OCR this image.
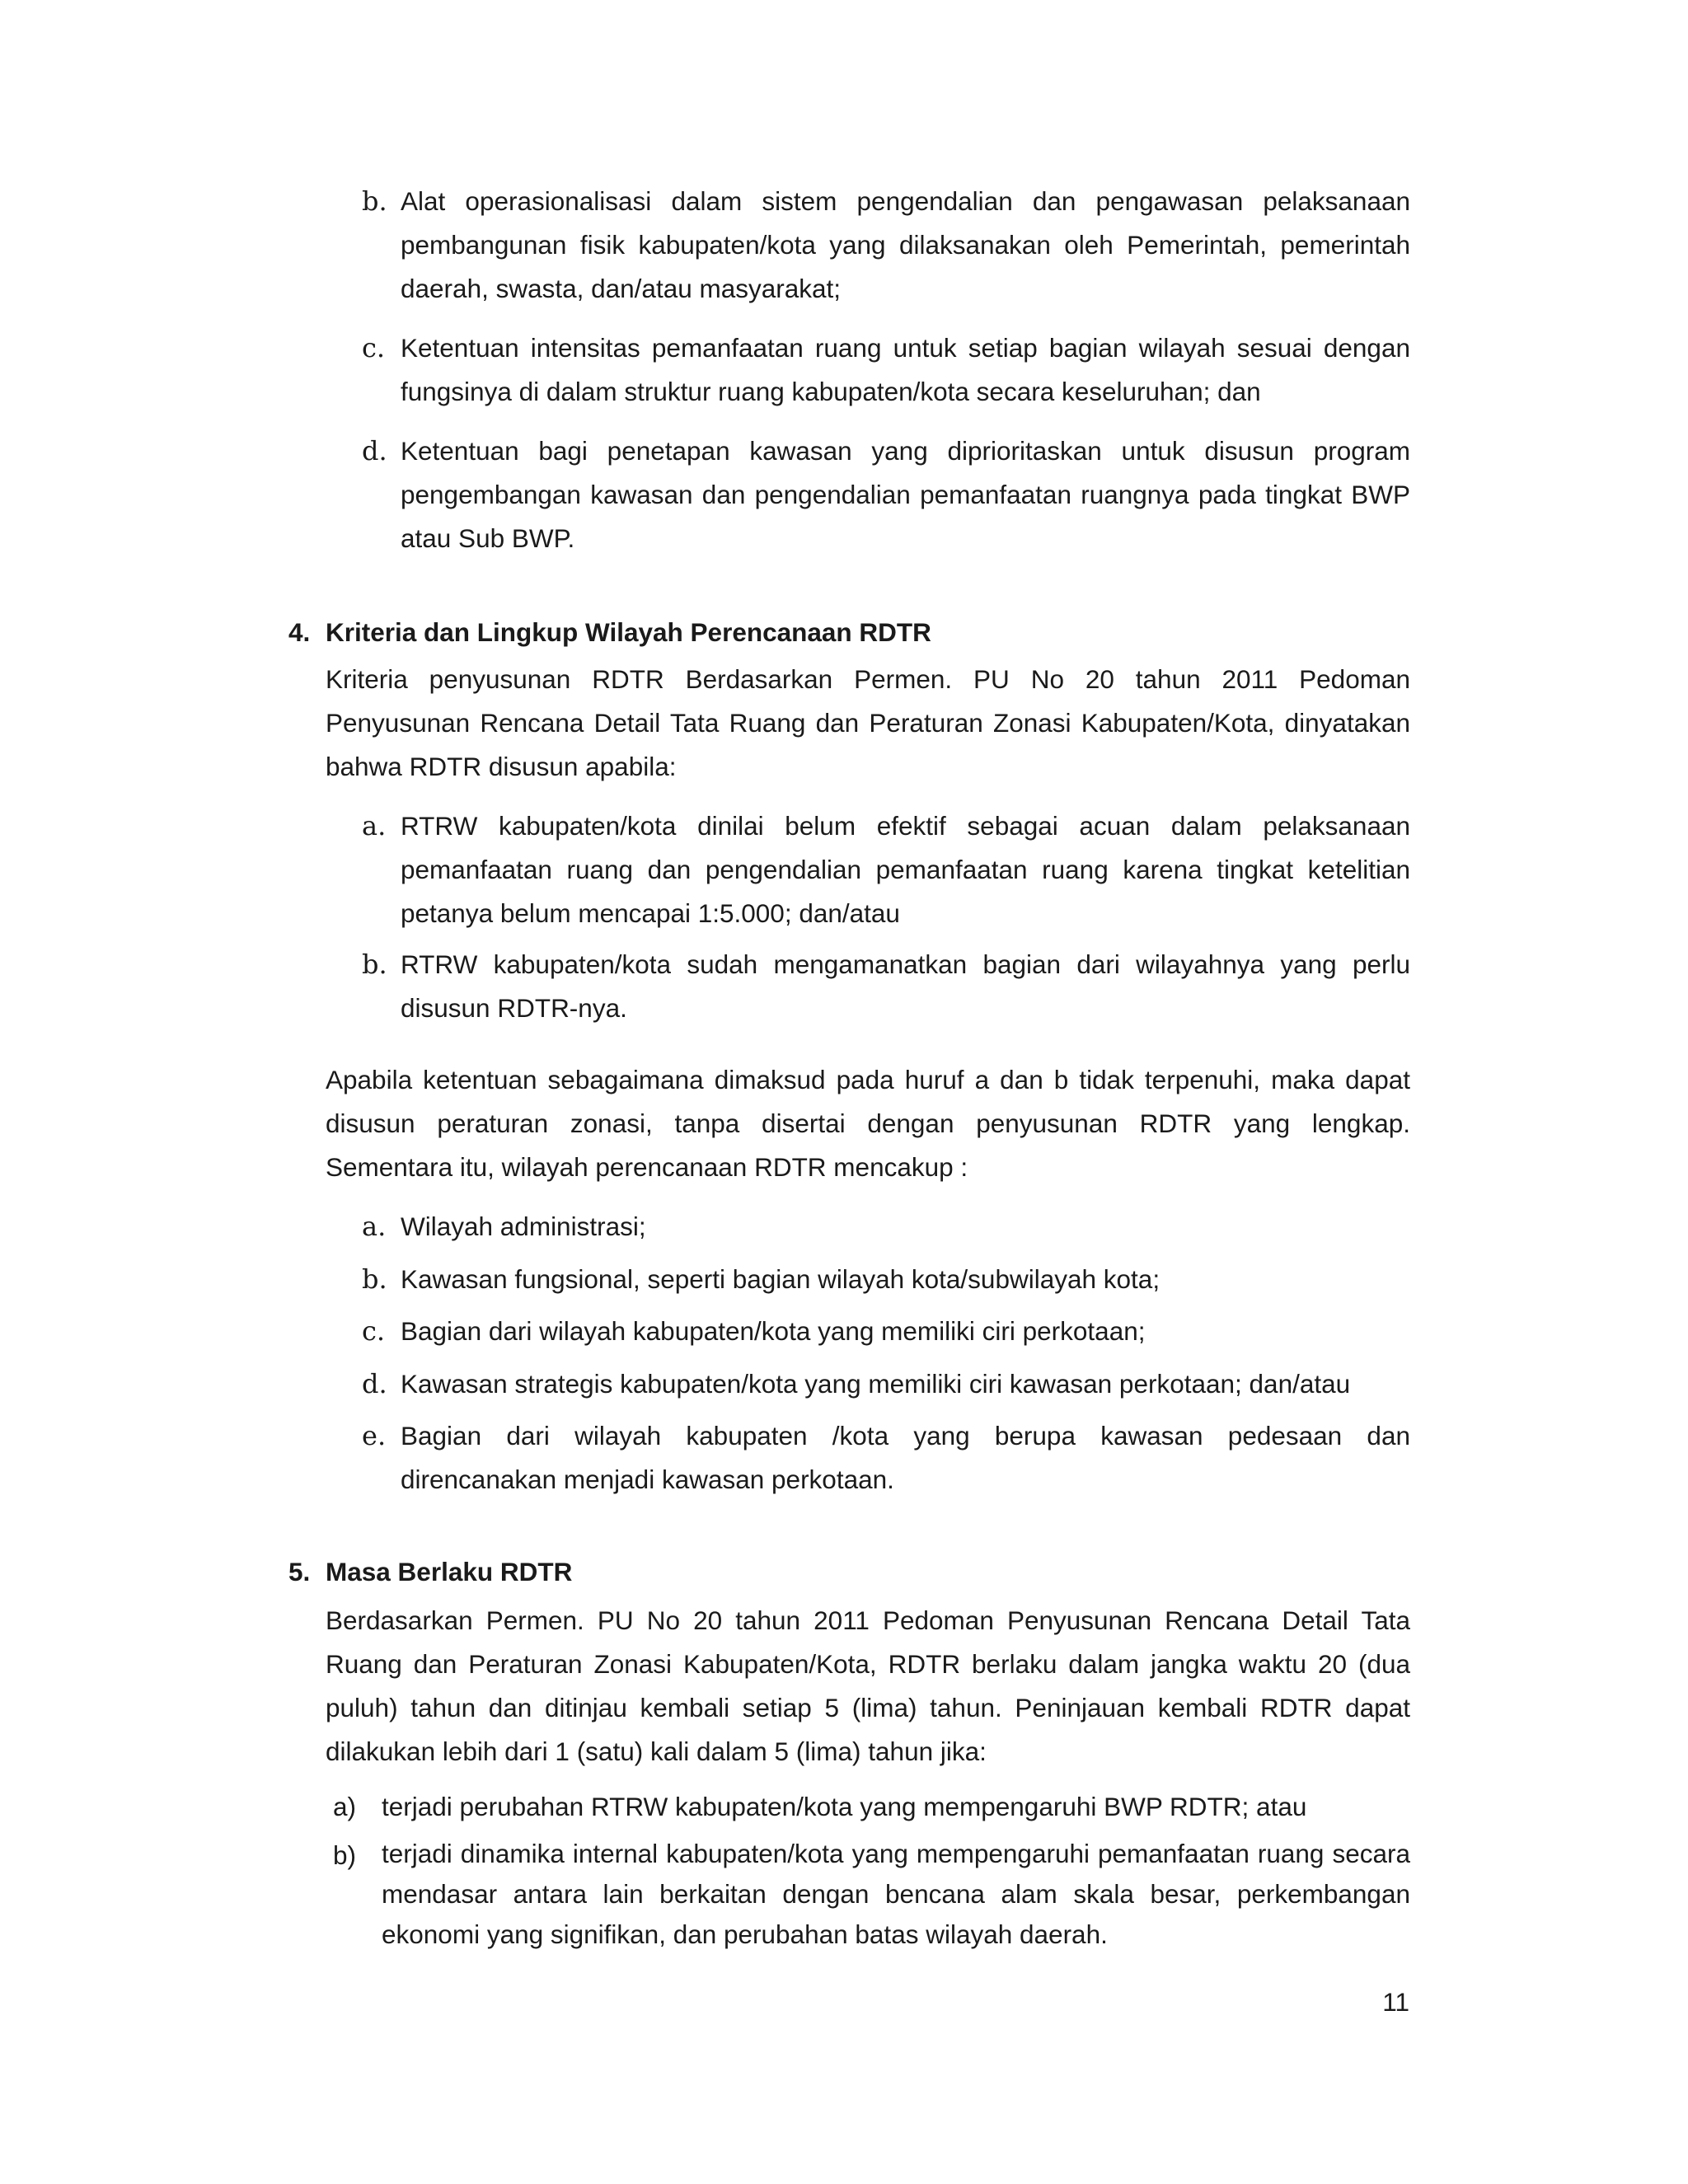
b. Alat operasionalisasi dalam sistem pengendalian dan pengawasan pelaksanaan pembangunan fisik kabupaten/kota yang dilaksanakan oleh Pemerintah, pemerintah daerah, swasta, dan/atau masyarakat;
c. Ketentuan intensitas pemanfaatan ruang untuk setiap bagian wilayah sesuai dengan fungsinya di dalam struktur ruang kabupaten/kota secara keseluruhan; dan
d. Ketentuan bagi penetapan kawasan yang diprioritaskan untuk disusun program pengembangan kawasan dan pengendalian pemanfaatan ruangnya pada tingkat BWP atau Sub BWP.
4. Kriteria dan Lingkup Wilayah Perencanaan RDTR

Kriteria penyusunan RDTR Berdasarkan Permen. PU No 20 tahun 2011 Pedoman Penyusunan Rencana Detail Tata Ruang dan Peraturan Zonasi Kabupaten/Kota, dinyatakan bahwa RDTR disusun apabila:

a. RTRW kabupaten/kota dinilai belum efektif sebagai acuan dalam pelaksanaan pemanfaatan ruang dan pengendalian pemanfaatan ruang karena tingkat ketelitian petanya belum mencapai 1:5.000; dan/atau
b. RTRW kabupaten/kota sudah mengamanatkan bagian dari wilayahnya yang perlu disusun RDTR-nya.

Apabila ketentuan sebagaimana dimaksud pada huruf a dan b tidak terpenuhi, maka dapat disusun peraturan zonasi, tanpa disertai dengan penyusunan RDTR yang lengkap.    Sementara itu, wilayah perencanaan RDTR mencakup :

a. Wilayah administrasi;
b. Kawasan fungsional, seperti bagian wilayah kota/subwilayah kota;
c. Bagian dari wilayah kabupaten/kota yang memiliki ciri perkotaan;
d. Kawasan strategis kabupaten/kota yang memiliki ciri kawasan perkotaan; dan/atau
e. Bagian dari wilayah kabupaten /kota yang berupa kawasan pedesaan dan direncanakan menjadi kawasan perkotaan.
5. Masa Berlaku RDTR

Berdasarkan Permen. PU No 20 tahun 2011 Pedoman Penyusunan Rencana Detail Tata Ruang dan Peraturan Zonasi Kabupaten/Kota, RDTR berlaku dalam jangka waktu 20 (dua puluh) tahun dan ditinjau kembali setiap 5 (lima) tahun. Peninjauan kembali RDTR dapat dilakukan lebih dari 1 (satu) kali dalam 5 (lima) tahun jika:

a) terjadi perubahan RTRW kabupaten/kota yang mempengaruhi BWP RDTR; atau
b) terjadi dinamika internal kabupaten/kota yang mempengaruhi pemanfaatan ruang secara mendasar antara lain berkaitan dengan bencana alam skala besar, perkembangan ekonomi yang signifikan, dan perubahan batas wilayah daerah.
11
